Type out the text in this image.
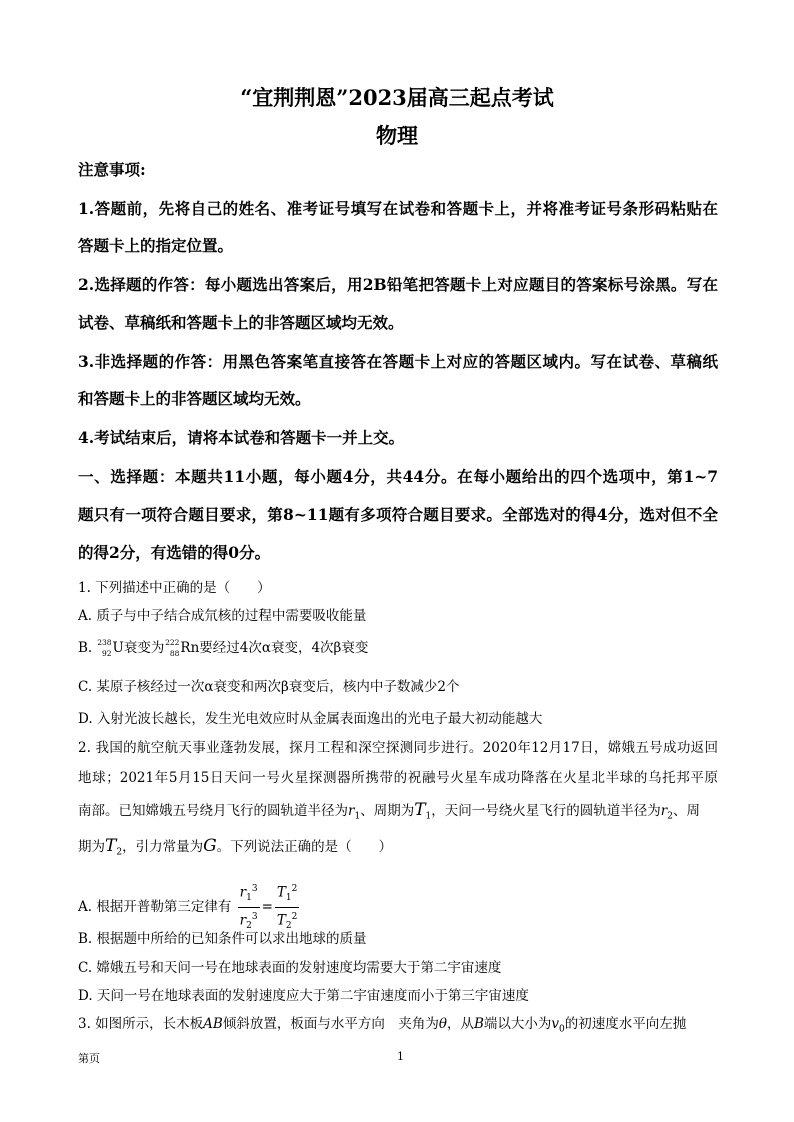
“宜荆荆恩”2023届高三起点考试
物理
注意事项:
1.答题前，先将自己的姓名、准考证号填写在试卷和答题卡上，并将准考证号条形码粘贴在
答题卡上的指定位置。
2.选择题的作答：每小题选出答案后，用2B铅笔把答题卡上对应题目的答案标号涂黑。写在
试卷、草稿纸和答题卡上的非答题区域均无效。
3.非选择题的作答：用黑色答案笔直接答在答题卡上对应的答题区域内。写在试卷、草稿纸
和答题卡上的非答题区域均无效。
4.考试结束后，请将本试卷和答题卡一并上交。
一、选择题：本题共11小题，每小题4分，共44分。在每小题给出的四个选项中，第1~7
题只有一项符合题目要求，第8~11题有多项符合题目要求。全部选对的得4分，选对但不全
的得2分，有选错的得0分。
1. 下列描述中正确的是（　　）
A. 质子与中子结合成氘核的过程中需要吸收能量
B. 238
92 U衰变为 222
88 Rn要经过4次α衰变，4次β衰变
C. 某原子核经过一次α衰变和两次β衰变后，核内中子数减少2个
D. 入射光波长越长，发生光电效应时从金属表面逸出的光电子最大初动能越大
2. 我国的航空航天事业蓬勃发展，探月工程和深空探测同步进行。2020年12月17日，嫦娥五号成功返回
地球；2021年5月15日天问一号火星探测器所携带的祝融号火星车成功降落在火星北半球的乌托邦平原
南部。已知嫦娥五号绕月飞行的圆轨道半径为$r_1$、周期为$T_1$，天问一号绕火星飞行的圆轨道半径为$r_2$、周
期为$T_2$，引力常量为G。下列说法正确的是（　　）
A. 根据开普勒第三定律有 $\frac{r_1^3}{r_2^3} = \frac{T_1^2}{T_2^2}$
B. 根据题中所给的已知条件可以求出地球的质量
C. 嫦娥五号和天问一号在地球表面的发射速度均需要大于第二宇宙速度
D. 天问一号在地球表面的发射速度应大于第二宇宙速度而小于第三宇宙速度
3. 如图所示，长木板AB倾斜放置，板面与水平方向　夹角为θ，从B端以大小为$v_0$的初速度水平向左抛
第页	1
